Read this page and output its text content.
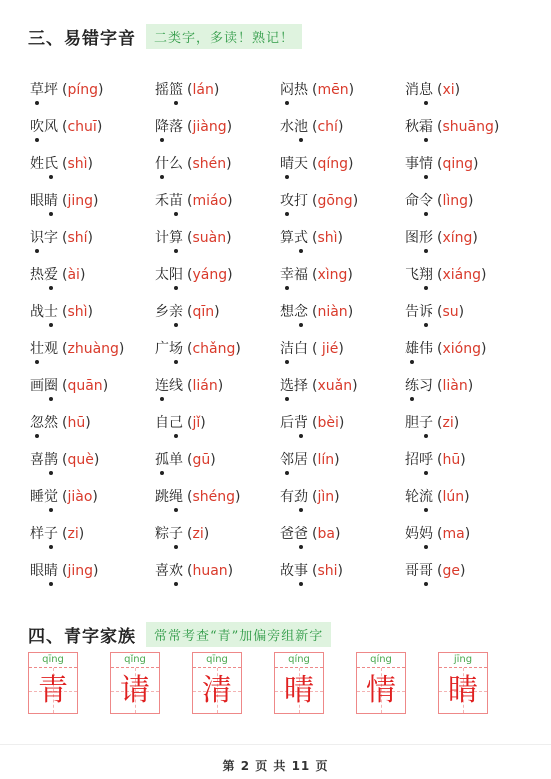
三、易错字音	二类字，多读！熟记！
草坪 (píng)	摇篮 (lán)	闷热 (mēn)	消息 (xi)
吹风 (chuī)	降落 (jiàng)	水池 (chí)	秋霜 (shuāng)
姓氏 (shì)	什么 (shén)	晴天 (qíng)	事情 (qing)
眼睛 (jing)	禾苗 (miáo)	攻打 (gōng)	命令 (lìng)
识字 (shí)	计算 (suàn)	算式 (shì)	图形 (xíng)
热爱 (ài)	太阳 (yáng)	幸福 (xìng)	飞翔 (xiáng)
战士 (shì)	乡亲 (qīn)	想念 (niàn)	告诉 (su)
壮观 (zhuàng)	广场 (chǎng)	洁白 ( jié)	雄伟 (xióng)
画圈 (quān)	连线 (lián)	选择 (xuǎn)	练习 (liàn)
忽然 (hū)	自己 (jǐ)	后背 (bèi)	胆子 (zi)
喜鹊 (què)	孤单 (gū)	邻居 (lín)	招呼 (hū)
睡觉 (jiào)	跳绳 (shéng)	有劲 (jìn)	轮流 (lún)
样子 (zi)	粽子 (zi)	爸爸 (ba)	妈妈 (ma)
眼睛 (jing)	喜欢 (huan)	故事 (shi)	哥哥 (ge)
四、青字家族	常常考查“青”加偏旁组新字
qīng
青
qǐng
请
qīng
清
qíng
晴
qíng
情
jīng
睛
第 2 页 共 11 页
